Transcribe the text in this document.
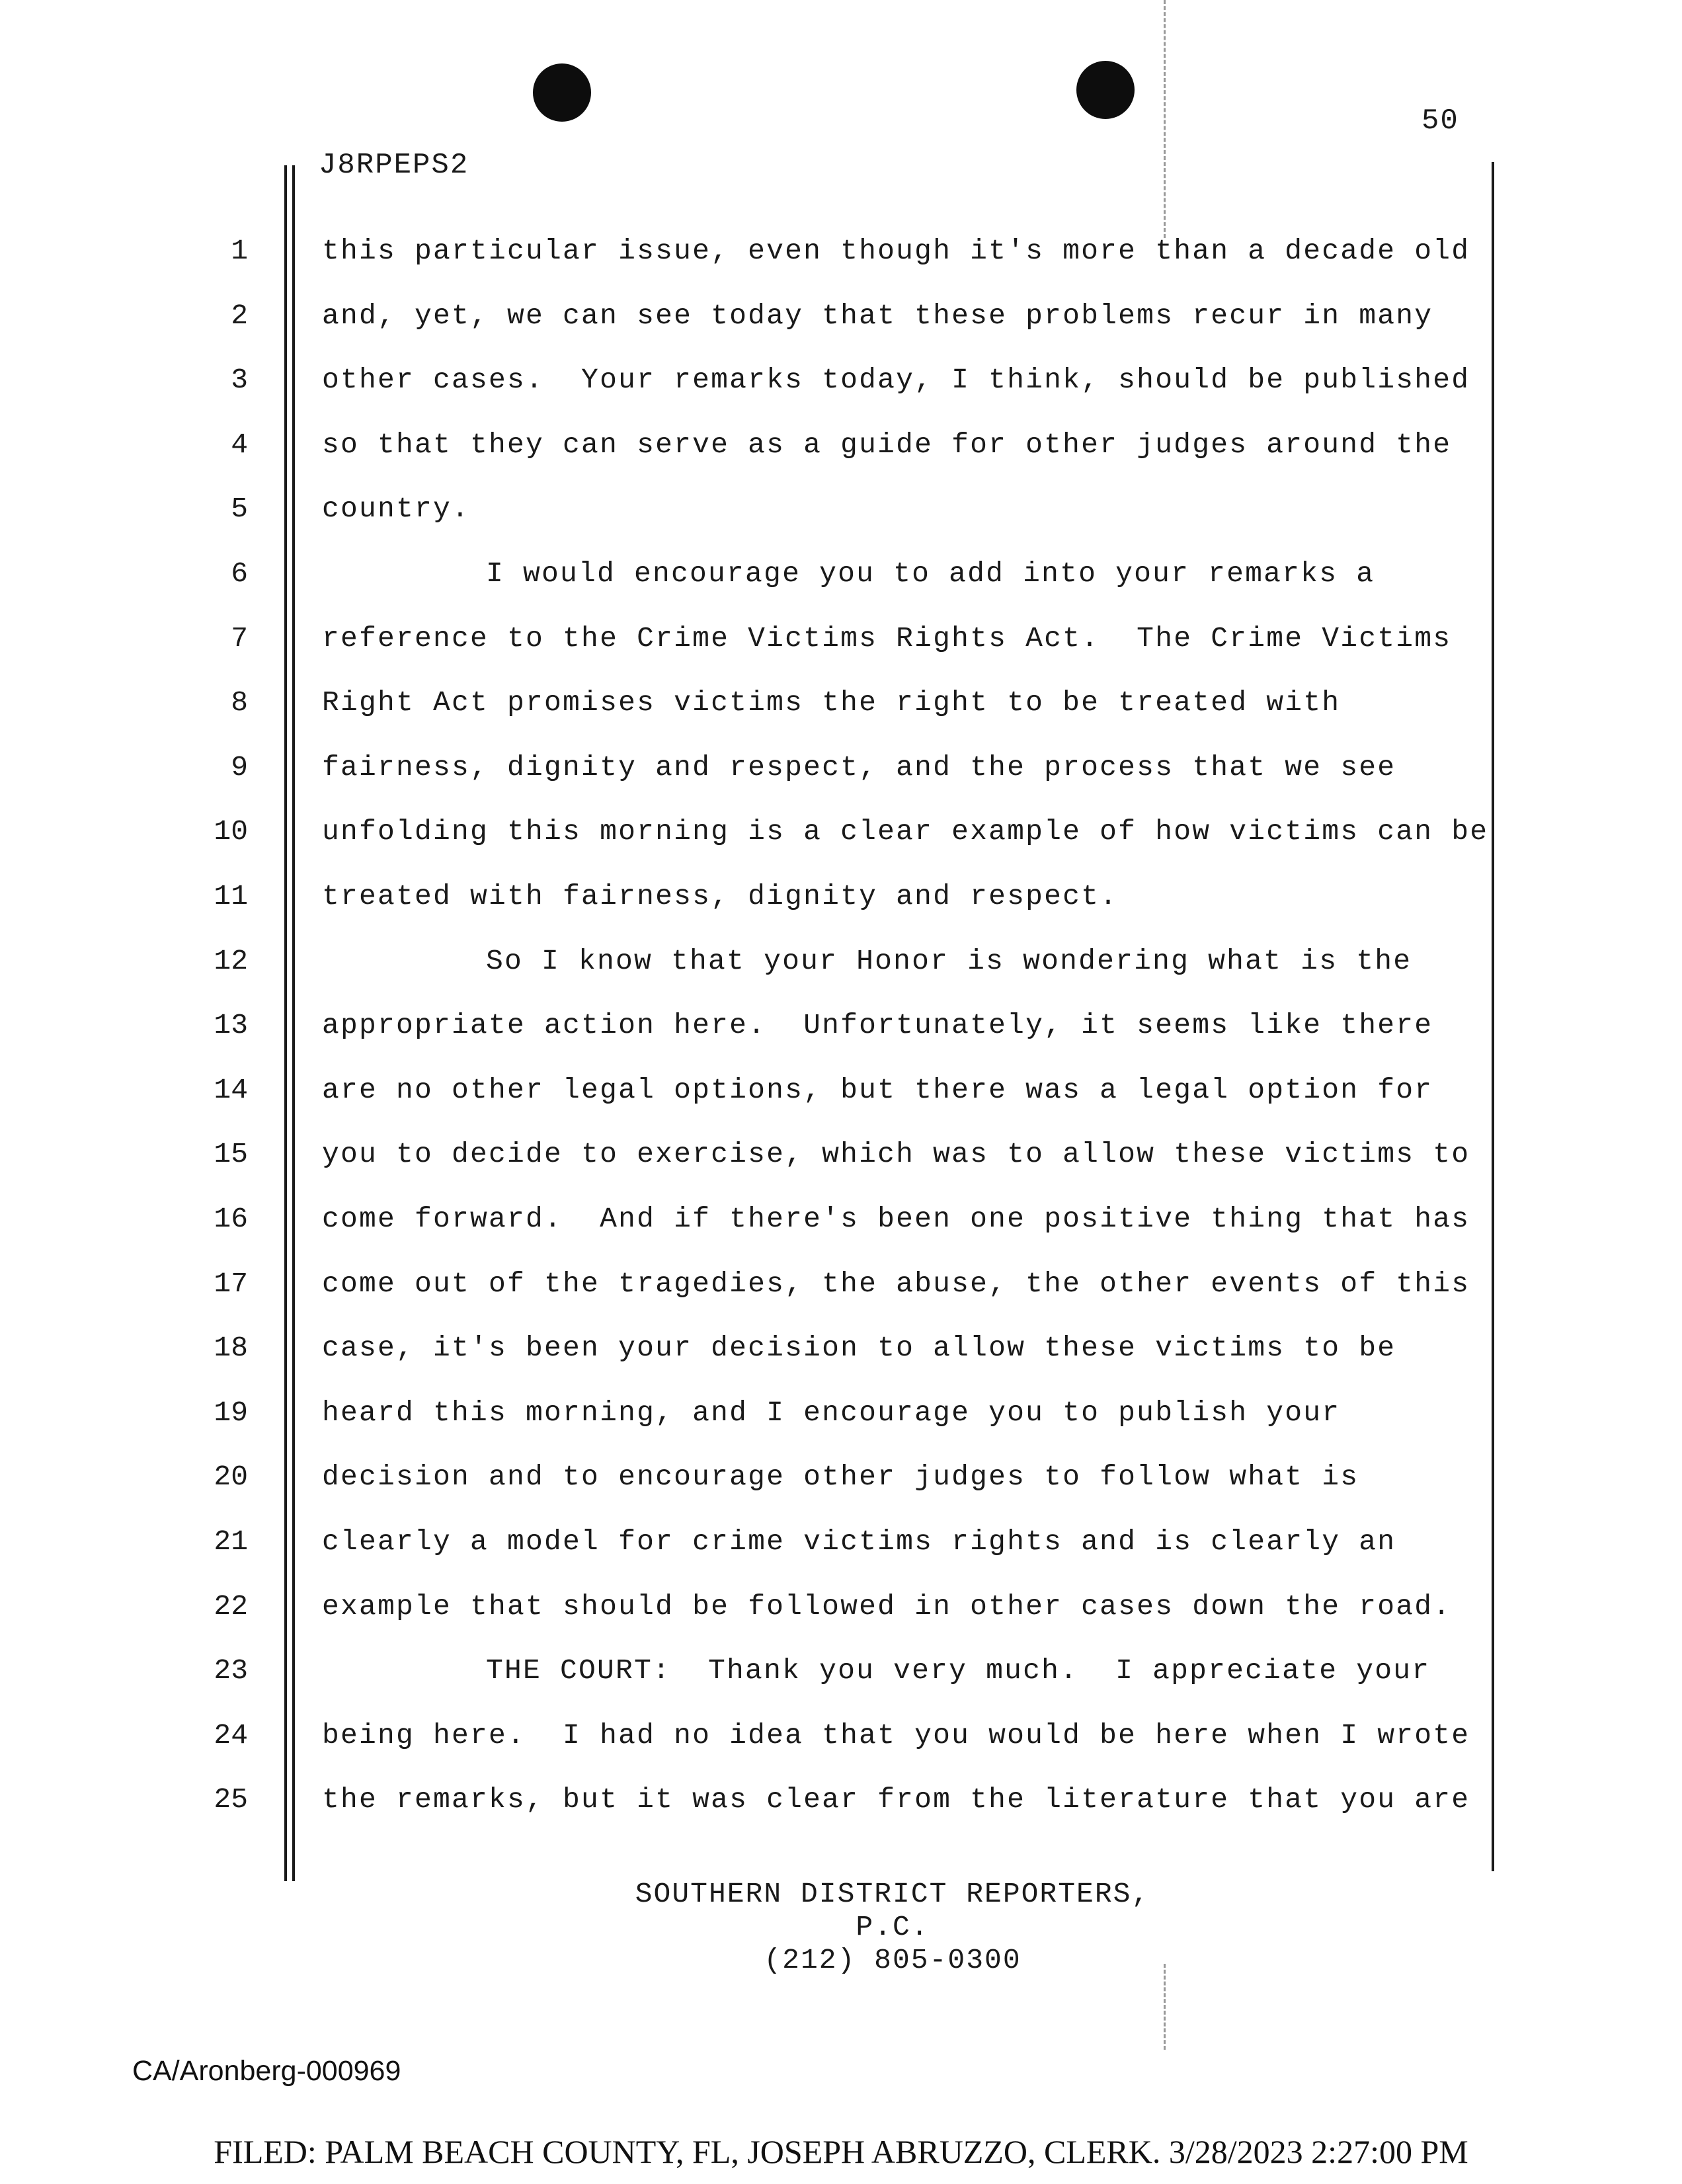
50
J8RPEPS2
1	this particular issue, even though it's more than a decade old
2	and, yet, we can see today that these problems recur in many
3	other cases.  Your remarks today, I think, should be published
4	so that they can serve as a guide for other judges around the
5	country.
6	I would encourage you to add into your remarks a
7	reference to the Crime Victims Rights Act.  The Crime Victims
8	Right Act promises victims the right to be treated with
9	fairness, dignity and respect, and the process that we see
10	unfolding this morning is a clear example of how victims can be
11	treated with fairness, dignity and respect.
12	So I know that your Honor is wondering what is the
13	appropriate action here.  Unfortunately, it seems like there
14	are no other legal options, but there was a legal option for
15	you to decide to exercise, which was to allow these victims to
16	come forward.  And if there's been one positive thing that has
17	come out of the tragedies, the abuse, the other events of this
18	case, it's been your decision to allow these victims to be
19	heard this morning, and I encourage you to publish your
20	decision and to encourage other judges to follow what is
21	clearly a model for crime victims rights and is clearly an
22	example that should be followed in other cases down the road.
23	THE COURT:  Thank you very much.  I appreciate your
24	being here.  I had no idea that you would be here when I wrote
25	the remarks, but it was clear from the literature that you are
SOUTHERN DISTRICT REPORTERS, P.C.
(212) 805-0300
CA/Aronberg-000969
FILED: PALM BEACH COUNTY, FL, JOSEPH ABRUZZO, CLERK. 3/28/2023 2:27:00 PM
